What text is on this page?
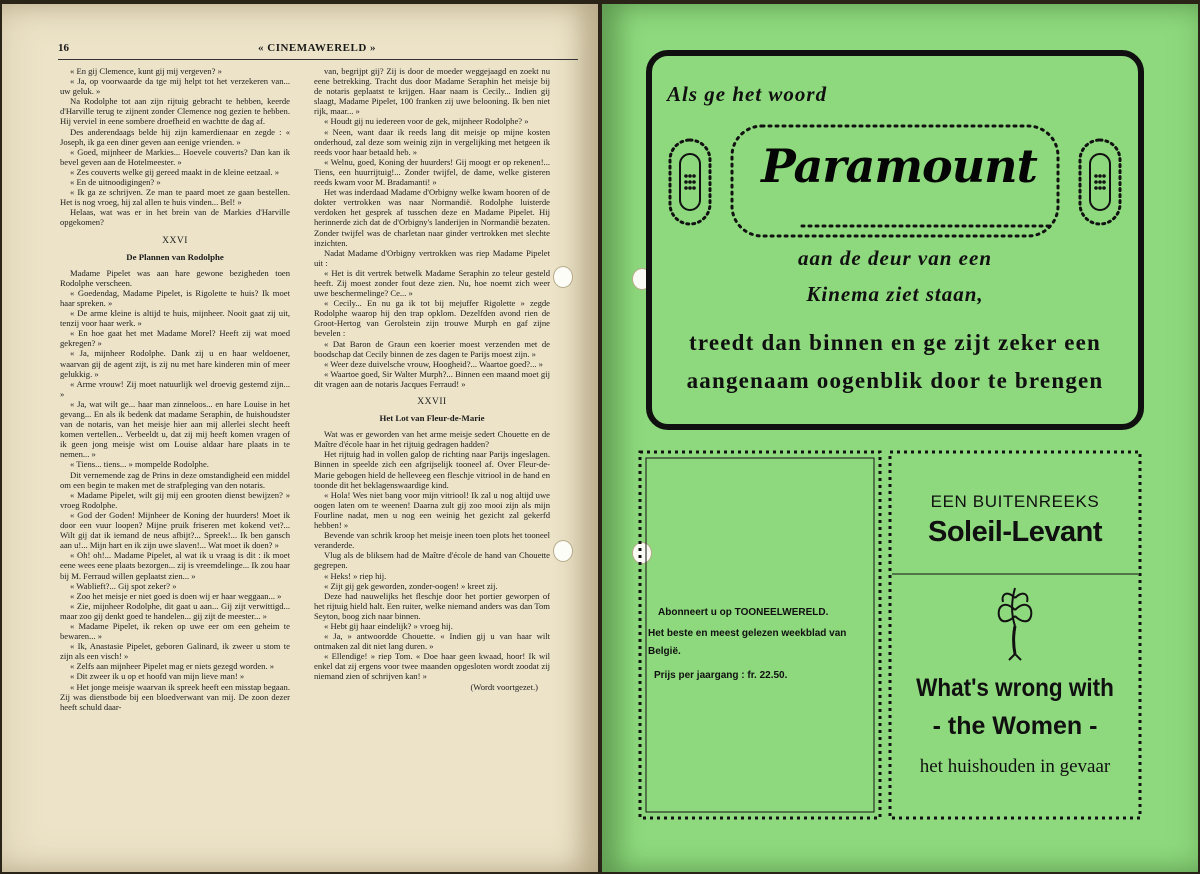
16	« CINEMAWERELD »

« En gij Clemence, kunt gij mij vergeven? »

« Ja, op voorwaarde da tge mij helpt tot het verzekeren van... uw geluk. »

Na Rodolphe tot aan zijn rijtuig gebracht te hebben, keerde d'Harville terug te zijnent zonder Clemence nog gezien te hebben. Hij verviel in eene sombere droefheid en wachtte de dag af.

Des anderendaags belde hij zijn kamerdienaar en zegde : « Joseph, ik ga een diner geven aan eenige vrienden. »

« Goed, mijnheer de Markies... Hoevele couverts? Dan kan ik bevel geven aan de Hotelmeester. »

« Zes couverts welke gij gereed maakt in de kleine eetzaal. »

« En de uitnoodigingen? »

« Ik ga ze schrijven. Ze man te paard moet ze gaan bestellen. Het is nog vroeg, hij zal allen te huis vinden... Bel! »

Helaas, wat was er in het brein van de Markies d'Harville opgekomen?

XXVI
De Plannen van Rodolphe

Madame Pipelet was aan hare gewone bezigheden toen Rodolphe verscheen.

« Goedendag, Madame Pipelet, is Rigolette te huis? Ik moet haar spreken. »

« De arme kleine is altijd te huis, mijnheer. Nooit gaat zij uit, tenzij voor haar werk. »

« En hoe gaat het met Madame Morel? Heeft zij wat moed gekregen? »

« Ja, mijnheer Rodolphe. Dank zij u en haar weldoener, waarvan gij de agent zijt, is zij nu met hare kinderen min of meer gelukkig. »

« Arme vrouw! Zij moet natuurlijk wel droevig gestemd zijn... »

« Ja, wat wilt ge... haar man zinneloos... en hare Louise in het gevang... En als ik bedenk dat madame Seraphin, de huishoudster van de notaris, van het meisje hier aan mij allerlei slecht heeft komen vertellen... Verbeeldt u, dat zij mij heeft komen vragen of ik geen jong meisje wist om Louise aldaar hare plaats in te nemen... »

« Tiens... tiens... » mompelde Rodolphe.

Dit vernemende zag de Prins in deze omstandigheid een middel om een begin te maken met de strafpleging van den notaris.

« Madame Pipelet, wilt gij mij een grooten dienst bewijzen? » vroeg Rodolphe.

« God der Goden! Mijnheer de Koning der huurders! Moet ik door een vuur loopen? Mijne pruik friseren met kokend vet?... Wilt gij dat ik iemand de neus afbijt?... Spreek!... Ik ben gansch aan u!... Mijn hart en ik zijn uwe slaven!... Wat moet ik doen? »

« Oh! oh!... Madame Pipelet, al wat ik u vraag is dit : ik moet eene wees eene plaats bezorgen... zij is vreemdelinge... Ik zou haar bij M. Ferraud willen geplaatst zien... »

« Wablieft?... Gij spot zeker? »

« Zoo het meisje er niet goed is doen wij er haar weggaan... »

« Zie, mijnheer Rodolphe, dit gaat u aan... Gij zijt verwittigd... maar zoo gij denkt goed te handelen... gij zijt de meester... »

« Madame Pipelet, ik reken op uwe eer om een geheim te bewaren... »

« Ik, Anastasie Pipelet, geboren Galinard, ik zweer u stom te zijn als een visch! »

« Zelfs aan mijnheer Pipelet mag er niets gezegd worden. »

« Dit zweer ik u op et hoofd van mijn lieve man! »

« Het jonge meisje waarvan ik spreek heeft een misstap begaan. Zij was dienstbode bij een bloedverwant van mij. De zoon dezer heeft schuld daar-

van, begrijpt gij? Zij is door de moeder weggejaagd en zoekt nu eene betrekking. Tracht dus door Madame Seraphin het meisje bij de notaris geplaatst te krijgen. Haar naam is Cecily... Indien gij slaagt, Madame Pipelet, 100 franken zij uwe belooning. Ik ben niet rijk, maar... »

« Houdt gij nu iedereen voor de gek, mijnheer Rodolphe? »

« Neen, want daar ik reeds lang dit meisje op mijne kosten onderhoud, zal deze som weinig zijn in vergelijking met hetgeen ik reeds voor haar betaald heb. »

« Welnu, goed, Koning der huurders! Gij moogt er op rekenen!... Tiens, een huurrijtuig!... Zonder twijfel, de dame, welke gisteren reeds kwam voor M. Bradamanti! »

Het was inderdaad Madame d'Orbigny welke kwam hooren of de dokter vertrokken was naar Normandië. Rodolphe luisterde verdoken het gesprek af tusschen deze en Madame Pipelet. Hij herinnerde zich dat de d'Orbigny's landerijen in Normandië bezaten. Zonder twijfel was de charletan naar ginder vertrokken met slechte inzichten.

Nadat Madame d'Orbigny vertrokken was riep Madame Pipelet uit :

« Het is dit vertrek betwelk Madame Seraphin zo teleur gesteld heeft. Zij moest zonder fout deze zien. Nu, hoe noemt zich weer uwe beschermelinge? Ce... »

« Cecily... En nu ga ik tot bij mejuffer Rigolette » zegde Rodolphe waarop hij den trap opklom. Dezelfden avond rien de Groot-Hertog van Gerolstein zijn trouwe Murph en gaf zijne bevelen :

« Dat Baron de Graun een koerier moest verzenden met de boodschap dat Cecily binnen de zes dagen te Parijs moest zijn. »

« Weer deze duivelsche vrouw, Hoogheid?... Waartoe goed?... »

« Waartoe goed, Sir Walter Murph?... Binnen een maand moet gij dit vragen aan de notaris Jacques Ferraud! »

XXVII
Het Lot van Fleur-de-Marie

Wat was er geworden van het arme meisje sedert Chouette en de Maître d'école haar in het rijtuig gedragen hadden?

Het rijtuig had in vollen galop de richting naar Parijs ingeslagen. Binnen in speelde zich een afgrijselijk tooneel af. Over Fleur-de-Marie gebogen hield de helleveeg een fleschje vitriool in de hand en toonde dit het beklagenswaardige kind.

« Hola! Wes niet bang voor mijn vitriool! Ik zal u nog altijd uwe oogen laten om te weenen! Daarna zult gij zoo mooi zijn als mijn Fourline nadat, men u nog een weinig het gezicht zal gekerfd hebben! »

Bevende van schrik kroop het meisje ineen toen plots het tooneel veranderde.

Vlug als de bliksem had de Maître d'école de hand van Chouette gegrepen.

« Heks! » riep hij.

« Zijt gij gek geworden, zonder-oogen! » kreet zij.

Deze had nauwelijks het fleschje door het portier geworpen of het rijtuig hield halt. Een ruiter, welke niemand anders was dan Tom Seyton, boog zich naar binnen.

« Hebt gij haar eindelijk? » vroeg hij.

« Ja, » antwoordde Chouette. « Indien gij u van haar wilt ontmaken zal dit niet lang duren. »

« Ellendige! » riep Tom. « Doe haar geen kwaad, hoor! Ik wil enkel dat zij ergens voor twee maanden opgesloten wordt zoodat zij niemand zien of schrijven kan! »

(Wordt voortgezet.)

Als ge het woord
Paramount
aan de deur van een
Kinema ziet staan,
treedt dan binnen en ge zijt zeker een
aangenaam oogenblik door te brengen
Abonneert u op TOONEELWERELD.
Het beste en meest gelezen weekblad van
België.
Prijs per jaargang : fr. 22.50.
EEN BUITENREEKS
Soleil-Levant
What's wrong with
- the Women -
het huishouden in gevaar
